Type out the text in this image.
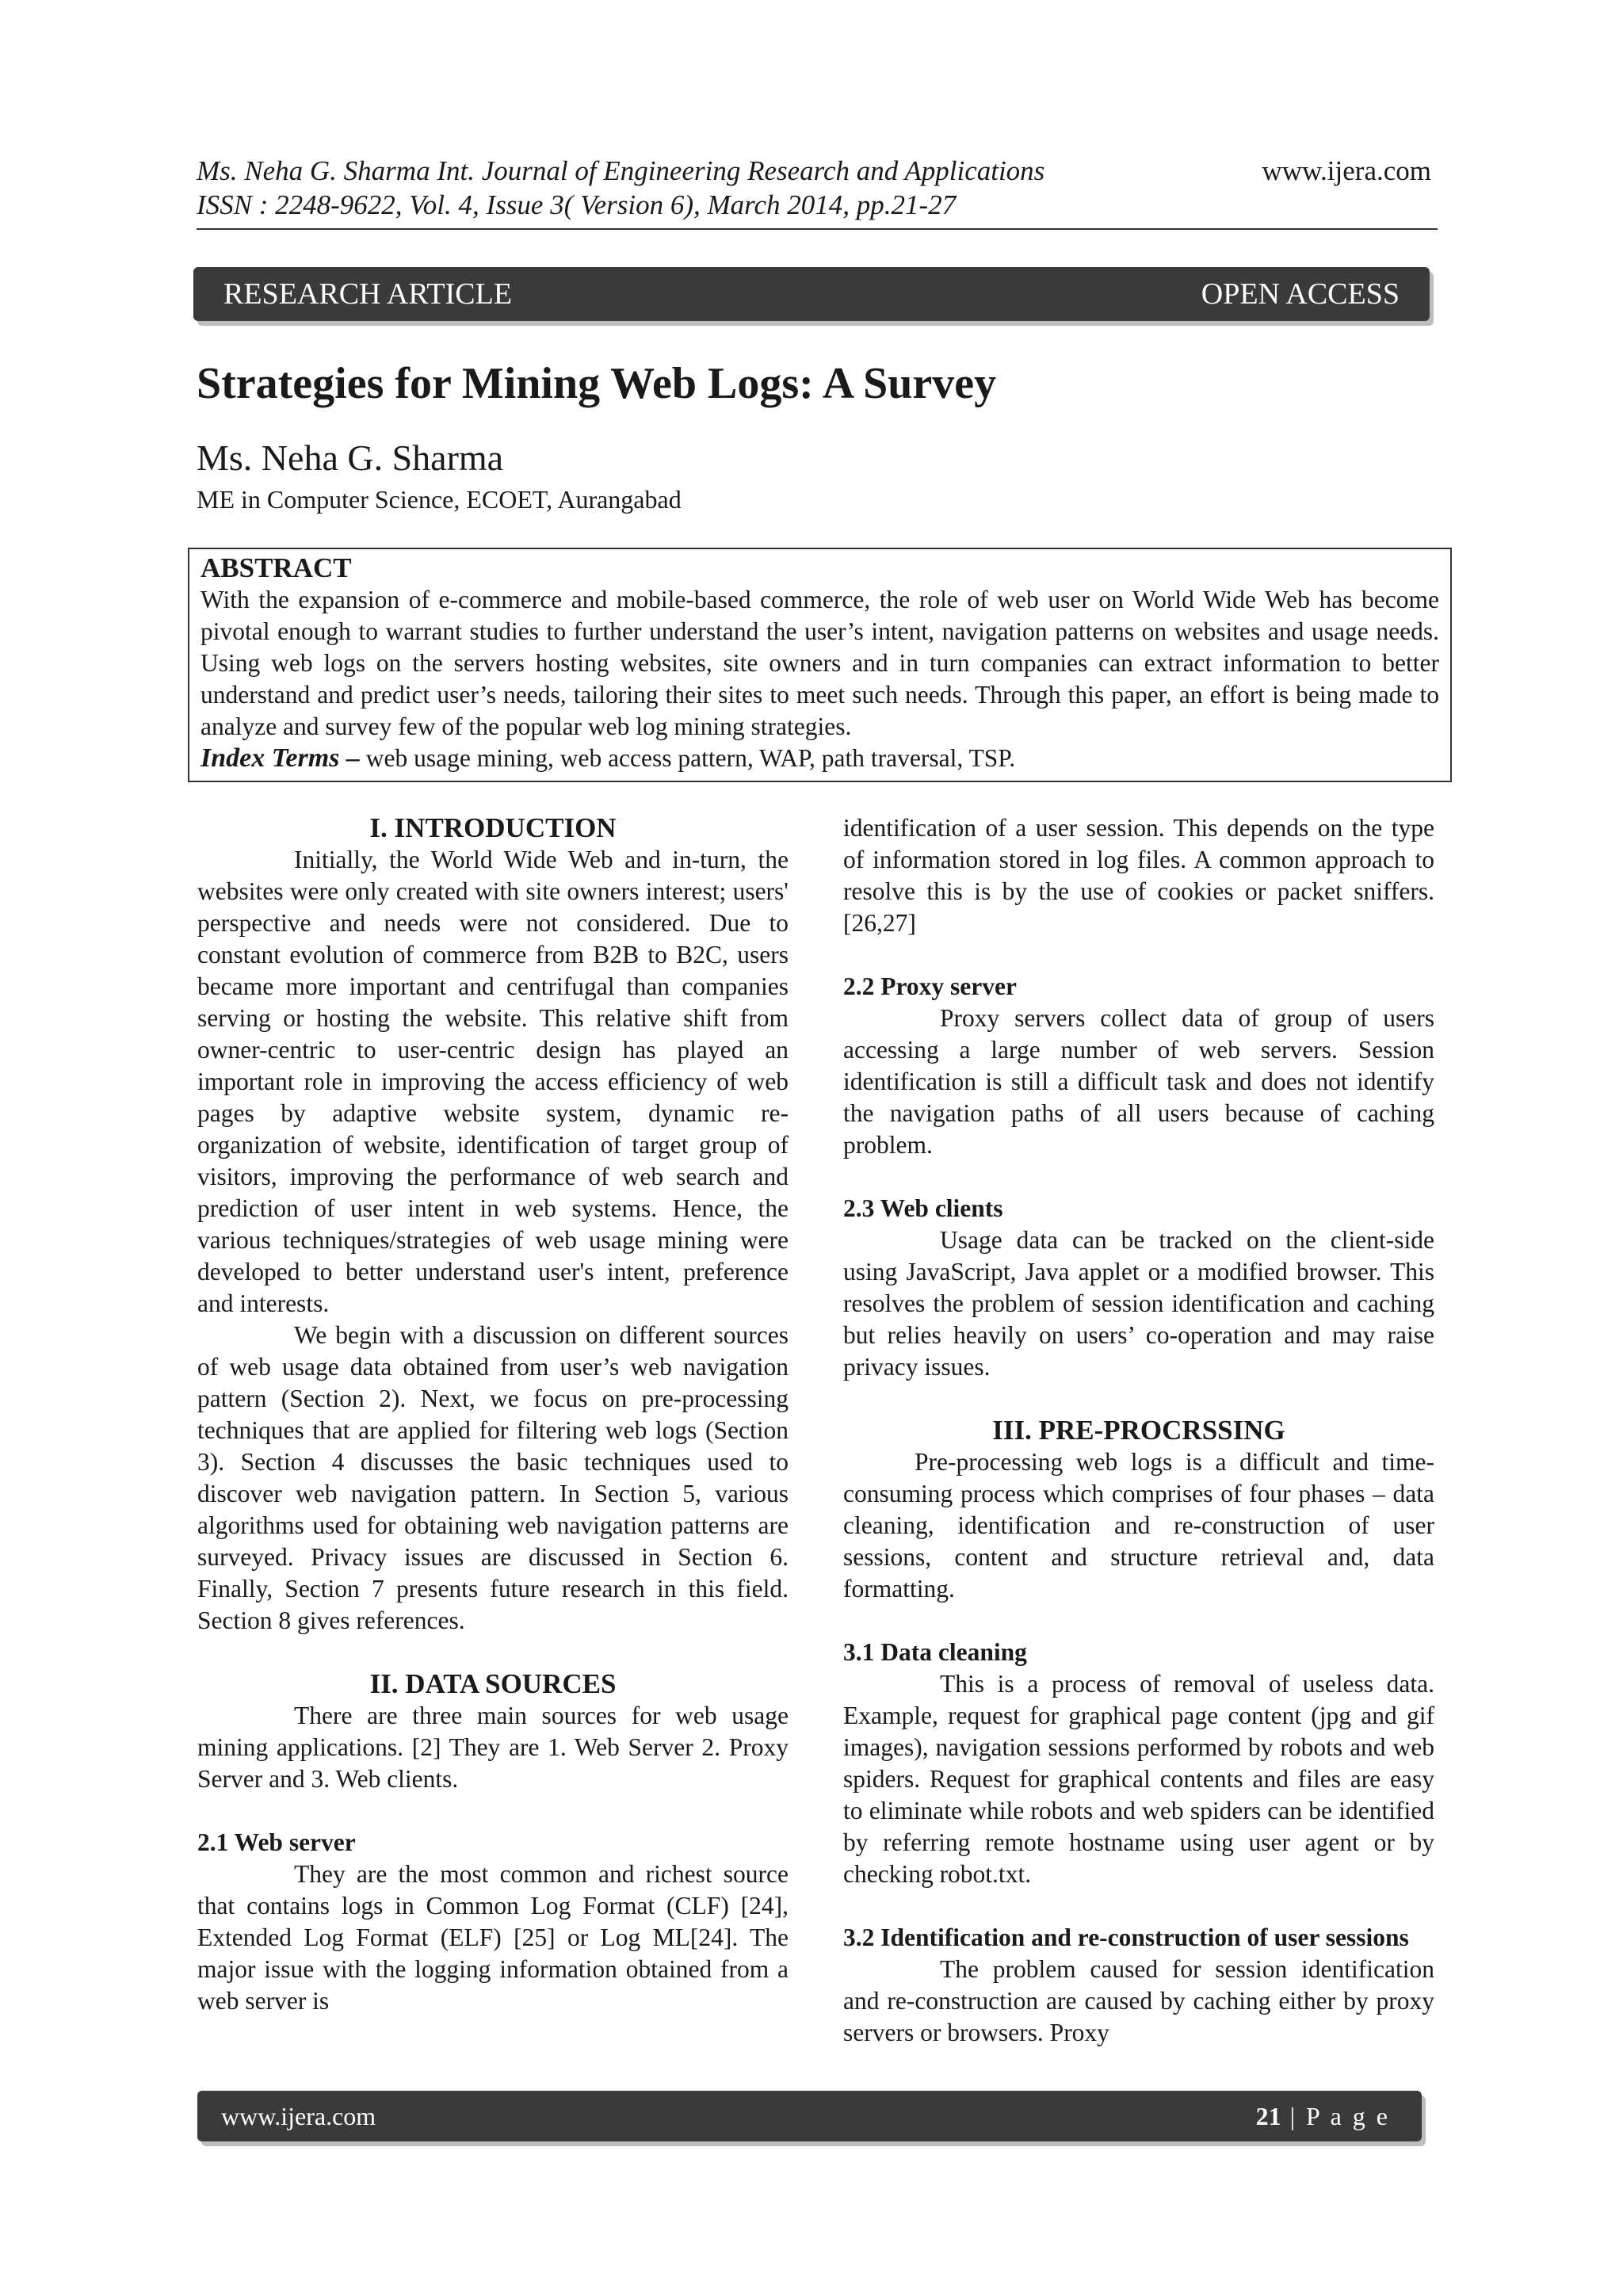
Ms. Neha G. Sharma Int. Journal of Engineering Research and Applications

ISSN : 2248-9622, Vol. 4, Issue 3( Version 6), March 2014, pp.21-27

www.ijera.com
RESEARCH ARTICLE	OPEN ACCESS
Strategies for Mining Web Logs: A Survey
Ms. Neha G. Sharma
ME in Computer Science, ECOET, Aurangabad
ABSTRACT
With the expansion of e-commerce and mobile-based commerce, the role of web user on World Wide Web has become pivotal enough to warrant studies to further understand the user’s intent, navigation patterns on websites and usage needs. Using web logs on the servers hosting websites, site owners and in turn companies can extract information to better understand and predict user’s needs, tailoring their sites to meet such needs. Through this paper, an effort is being made to analyze and survey few of the popular web log mining strategies.
Index Terms – web usage mining, web access pattern, WAP, path traversal, TSP.

I. INTRODUCTION

Initially, the World Wide Web and in-turn, the websites were only created with site owners interest; users' perspective and needs were not considered. Due to constant evolution of commerce from B2B to B2C, users became more important and centrifugal than companies serving or hosting the website. This relative shift from owner-centric to user-centric design has played an important role in improving the access efficiency of web pages by adaptive website system, dynamic re-organization of website, identification of target group of visitors, improving the performance of web search and prediction of user intent in web systems. Hence, the various techniques/strategies of web usage mining were developed to better understand user's intent, preference and interests.

We begin with a discussion on different sources of web usage data obtained from user’s web navigation pattern (Section 2). Next, we focus on pre-processing techniques that are applied for filtering web logs (Section 3). Section 4 discusses the basic techniques used to discover web navigation pattern. In Section 5, various algorithms used for obtaining web navigation patterns are surveyed. Privacy issues are discussed in Section 6. Finally, Section 7 presents future research in this field. Section 8 gives references.

II. DATA SOURCES

There are three main sources for web usage mining applications. [2] They are 1. Web Server 2. Proxy Server and 3. Web clients.

2.1 Web server

They are the most common and richest source that contains logs in Common Log Format (CLF) [24], Extended Log Format (ELF) [25] or Log ML[24]. The major issue with the logging information obtained from a web server is

identification of a user session. This depends on the type of information stored in log files. A common approach to resolve this is by the use of cookies or packet sniffers.[26,27]

2.2 Proxy server

Proxy servers collect data of group of users accessing a large number of web servers. Session identification is still a difficult task and does not identify the navigation paths of all users because of caching problem.

2.3 Web clients

Usage data can be tracked on the client-side using JavaScript, Java applet or a modified browser. This resolves the problem of session identification and caching but relies heavily on users’ co-operation and may raise privacy issues.

III. PRE-PROCRSSING

Pre-processing web logs is a difficult and time-consuming process which comprises of four phases – data cleaning, identification and re-construction of user sessions, content and structure retrieval and, data formatting.

3.1 Data cleaning

This is a process of removal of useless data. Example, request for graphical page content (jpg and gif images), navigation sessions performed by robots and web spiders. Request for graphical contents and files are easy to eliminate while robots and web spiders can be identified by referring remote hostname using user agent or by checking robot.txt.

3.2 Identification and re-construction of user sessions

The problem caused for session identification and re-construction are caused by caching either by proxy servers or browsers. Proxy

www.ijera.com	21 | P a g e
